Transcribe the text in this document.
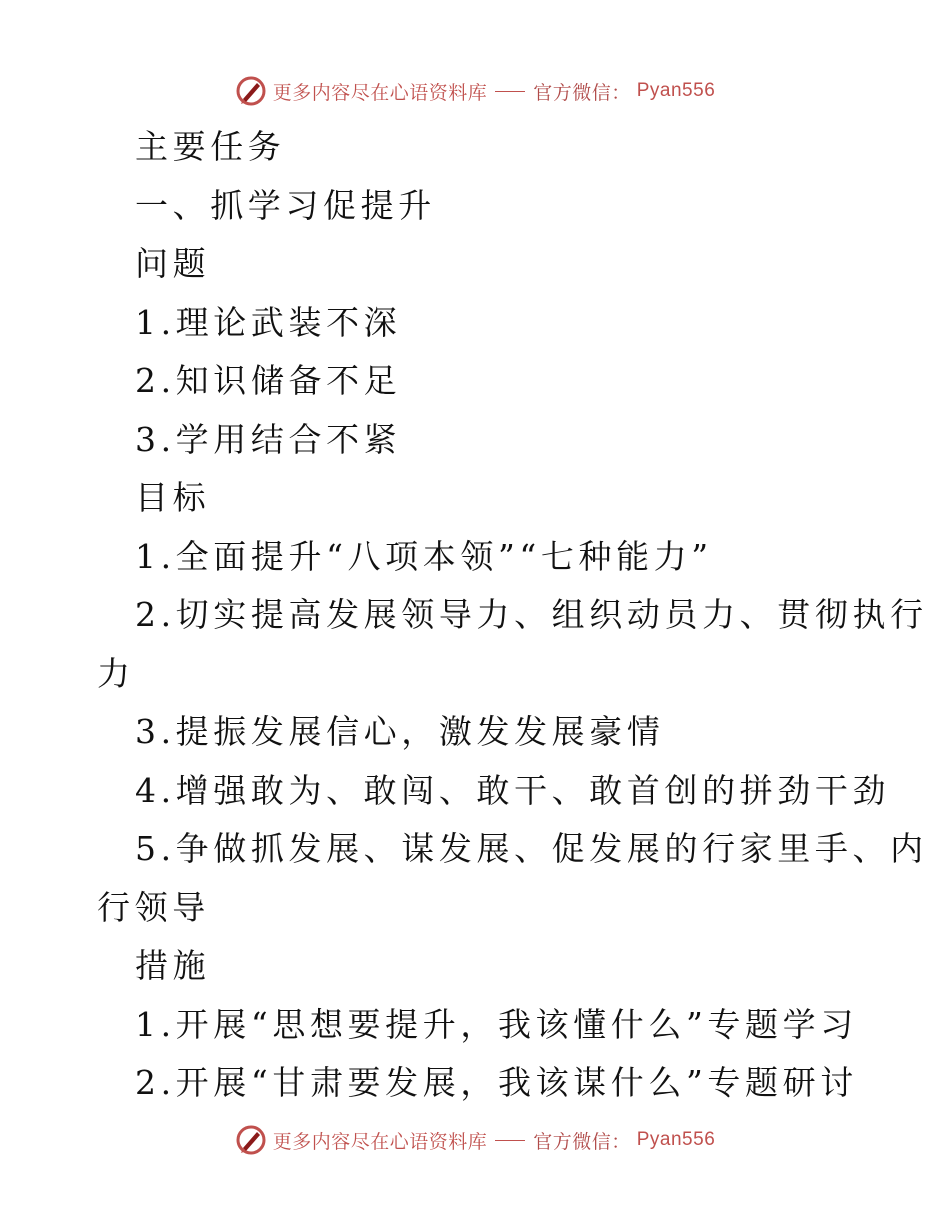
更多内容尽在心语资料库 官方微信： Pyan556

主要任务

一、抓学习促提升

问题

1.理论武装不深

2.知识储备不足

3.学用结合不紧

目标

1.全面提升“八项本领”“七种能力”

2.切实提高发展领导力、组织动员力、贯彻执行

力

3.提振发展信心，激发发展豪情

4.增强敢为、敢闯、敢干、敢首创的拼劲干劲

5.争做抓发展、谋发展、促发展的行家里手、内

行领导

措施

1.开展“思想要提升，我该懂什么”专题学习

2.开展“甘肃要发展，我该谋什么”专题研讨

更多内容尽在心语资料库 官方微信： Pyan556
